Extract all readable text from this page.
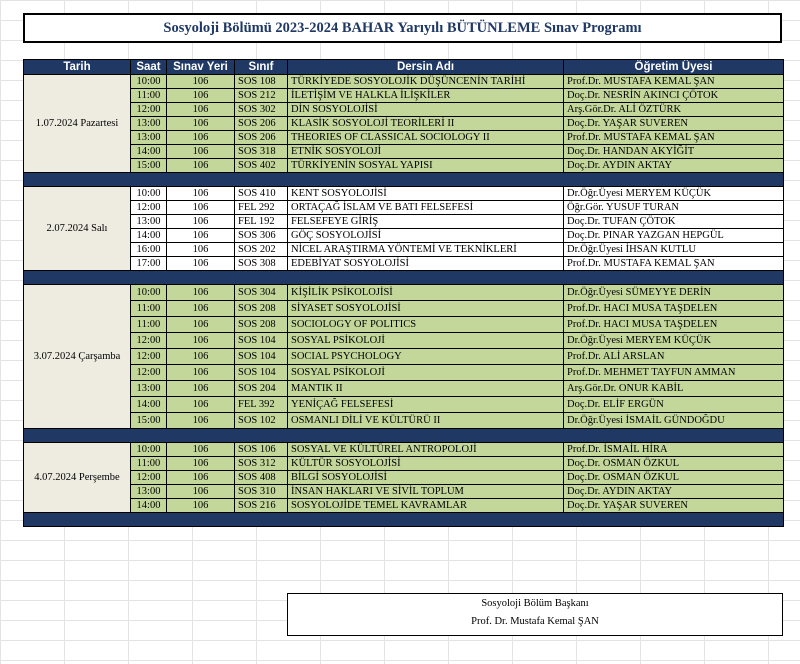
Sosyoloji Bölümü 2023-2024 BAHAR Yarıyılı BÜTÜNLEME Sınav Programı
Tarih	Saat	Sınav Yeri	Sınıf	Dersin Adı	Öğretim Üyesi
1.07.2024 Pazartesi	10:00	106	SOS 108	TÜRKİYEDE SOSYOLOJİK DÜŞÜNCENİN TARİHİ	Prof.Dr. MUSTAFA KEMAL ŞAN
	11:00	106	SOS 212	İLETİŞİM VE HALKLA İLİŞKİLER	Doç.Dr. NESRİN AKINCI ÇÖTOK
	12:00	106	SOS 302	DİN SOSYOLOJİSİ	Arş.Gör.Dr. ALİ ÖZTÜRK
	13:00	106	SOS 206	KLASİK SOSYOLOJİ TEORİLERİ II	Doç.Dr. YAŞAR SUVEREN
	13:00	106	SOS 206	THEORIES OF CLASSICAL SOCIOLOGY II	Prof.Dr. MUSTAFA KEMAL ŞAN
	14:00	106	SOS 318	ETNİK SOSYOLOJİ	Doç.Dr. HANDAN AKYİĞİT
	15:00	106	SOS 402	TÜRKİYENİN SOSYAL YAPISI	Doç.Dr. AYDIN AKTAY

2.07.2024 Salı	10:00	106	SOS 410	KENT SOSYOLOJİSİ	Dr.Öğr.Üyesi MERYEM KÜÇÜK
	12:00	106	FEL 292	ORTAÇAĞ İSLAM VE BATI FELSEFESİ	Öğr.Gör. YUSUF TURAN
	13:00	106	FEL 192	FELSEFEYE GİRİŞ	Doç.Dr. TUFAN ÇÖTOK
	14:00	106	SOS 306	GÖÇ SOSYOLOJİSİ	Doç.Dr. PINAR YAZGAN HEPGÜL
	16:00	106	SOS 202	NİCEL ARAŞTIRMA YÖNTEMİ VE TEKNİKLERİ	Dr.Öğr.Üyesi İHSAN KUTLU
	17:00	106	SOS 308	EDEBİYAT SOSYOLOJİSİ	Prof.Dr. MUSTAFA KEMAL ŞAN

3.07.2024 Çarşamba	10:00	106	SOS 304	KİŞİLİK PSİKOLOJİSİ	Dr.Öğr.Üyesi SÜMEYYE DERİN
	11:00	106	SOS 208	SİYASET SOSYOLOJİSİ	Prof.Dr. HACI MUSA TAŞDELEN
	11:00	106	SOS 208	SOCIOLOGY OF POLITICS	Prof.Dr. HACI MUSA TAŞDELEN
	12:00	106	SOS 104	SOSYAL PSİKOLOJİ	Dr.Öğr.Üyesi MERYEM KÜÇÜK
	12:00	106	SOS 104	SOCIAL PSYCHOLOGY	Prof.Dr. ALİ ARSLAN
	12:00	106	SOS 104	SOSYAL PSİKOLOJİ	Prof.Dr. MEHMET TAYFUN AMMAN
	13:00	106	SOS 204	MANTIK II	Arş.Gör.Dr. ONUR KABİL
	14:00	106	FEL 392	YENİÇAĞ FELSEFESİ	Doç.Dr. ELİF ERGÜN
	15:00	106	SOS 102	OSMANLI DİLİ VE KÜLTÜRÜ II	Dr.Öğr.Üyesi İSMAİL GÜNDOĞDU

4.07.2024 Perşembe	10:00	106	SOS 106	SOSYAL VE KÜLTÜREL ANTROPOLOJİ	Prof.Dr. İSMAİL HİRA
	11:00	106	SOS 312	KÜLTÜR SOSYOLOJİSİ	Doç.Dr. OSMAN ÖZKUL
	12:00	106	SOS 408	BİLGİ SOSYOLOJİSİ	Doç.Dr. OSMAN ÖZKUL
	13:00	106	SOS 310	İNSAN HAKLARI VE SİVİL TOPLUM	Doç.Dr. AYDIN AKTAY
	14:00	106	SOS 216	SOSYOLOJİDE TEMEL KAVRAMLAR	Doç.Dr. YAŞAR SUVEREN

Sosyoloji Bölüm Başkanı
Prof. Dr. Mustafa Kemal ŞAN
